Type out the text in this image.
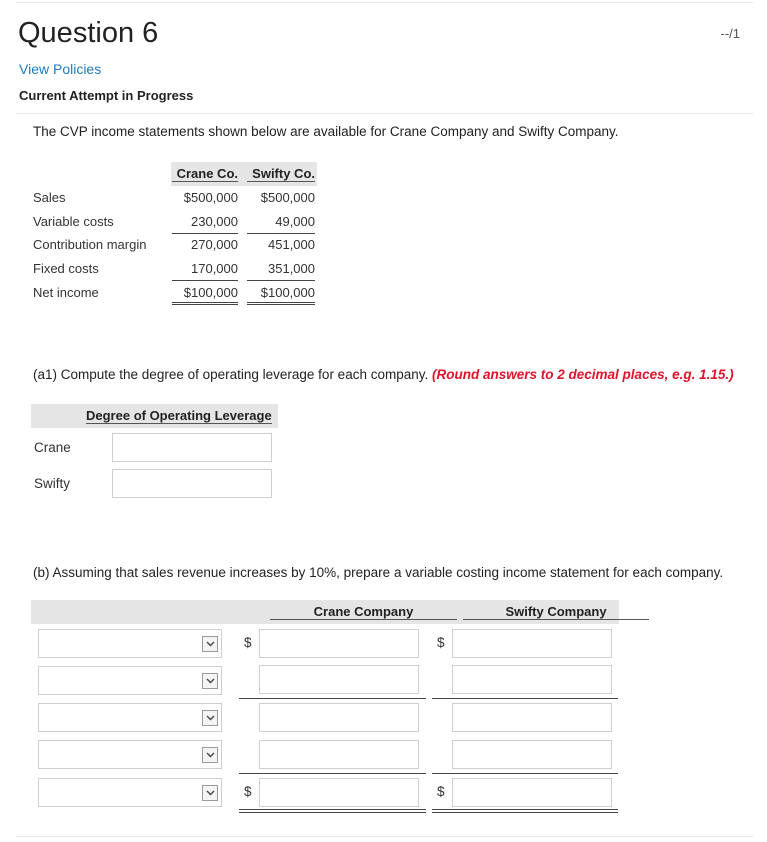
Question 6	--/1
View Policies
Current Attempt in Progress
The CVP income statements shown below are available for Crane Company and Swifty Company.
Crane Co.	Swifty Co.
Sales	$500,000	$500,000
Variable costs	230,000	49,000
Contribution margin	270,000	451,000
Fixed costs	170,000	351,000
Net income	$100,000	$100,000
(a1) Compute the degree of operating leverage for each company. (Round answers to 2 decimal places, e.g. 1.15.)
Degree of Operating Leverage
Crane
Swifty
(b) Assuming that sales revenue increases by 10%, prepare a variable costing income statement for each company.
Crane Company	Swifty Company
$	$
$	$
